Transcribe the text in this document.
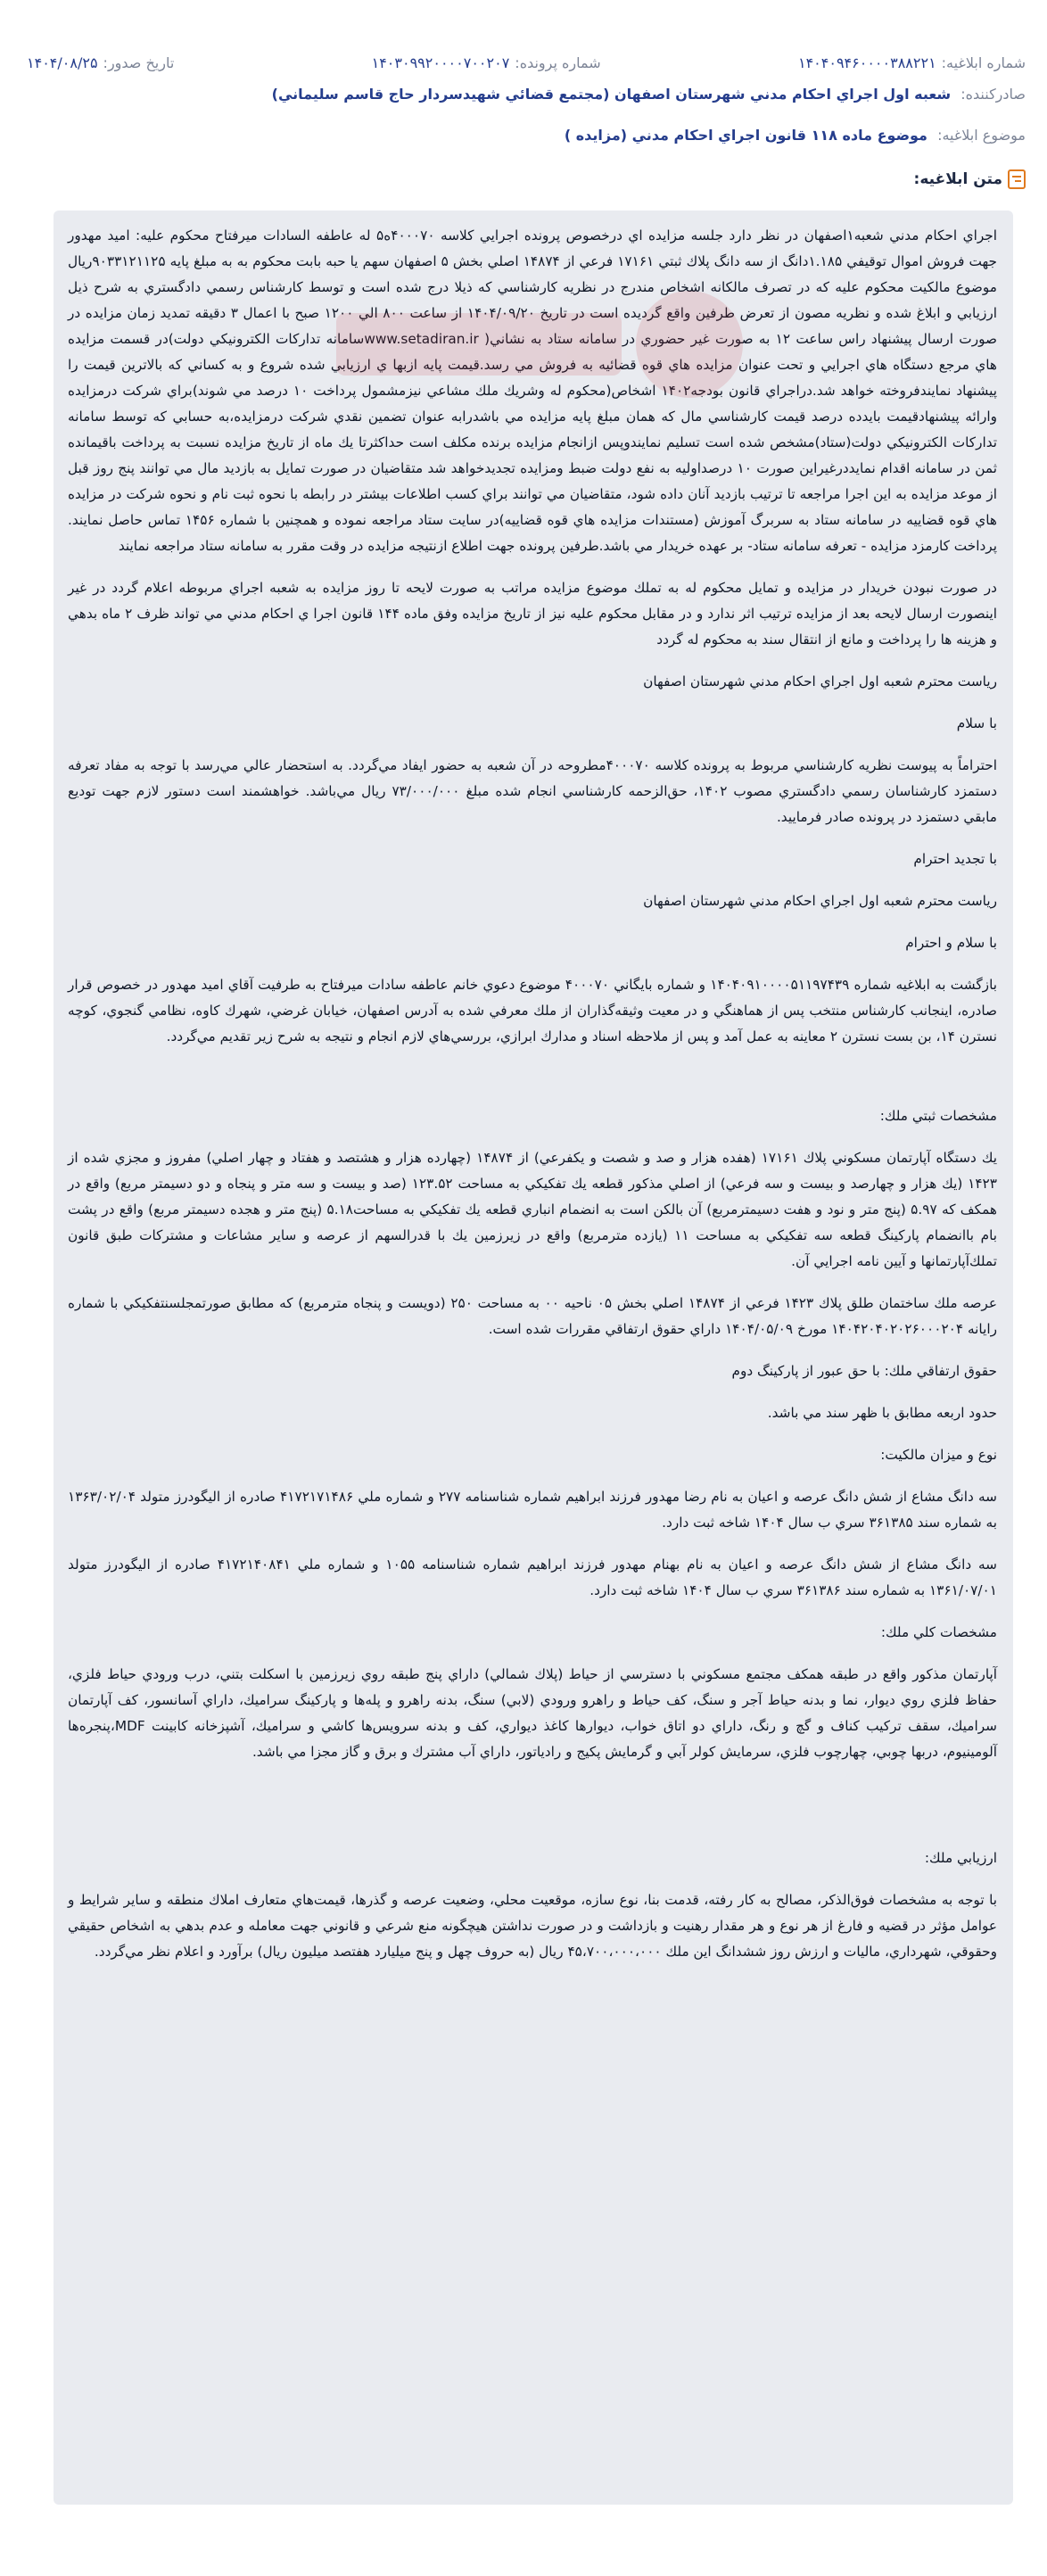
شماره ابلاغیه:
۱۴۰۴۰۹۴۶۰۰۰۰۳۸۸۲۲۱
شماره پرونده:
۱۴۰۳۰۹۹۲۰۰۰۰۷۰۰۲۰۷
تاریخ صدور:
۱۴۰۴/۰۸/۲۵
صادرکننده: شعبه اول اجراي احكام مدني شهرستان اصفهان (مجتمع قضائي شهيدسردار حاج قاسم سليماني)
موضوع ابلاغیه: موضوع ماده ۱۱۸ قانون اجراي احكام مدني (مزايده )
متن ابلاغیه:

اجراي احكام مدني شعبه۱اصفهان در نظر دارد جلسه مزايده اي درخصوص پرونده اجرايي كلاسه ۴۰۰۰۷۰ه۵ له عاطفه السادات ميرفتاح محكوم عليه: اميد مهدور جهت فروش اموال توقيفي ۱.۱۸۵دانگ از سه دانگ پلاك ثبتي ۱۷۱۶۱ فرعي از ۱۴۸۷۴ اصلي بخش ۵ اصفهان سهم يا حبه بابت محكوم به به مبلغ پايه ۹۰۳۳۱۲۱۱۲۵ريال موضوع مالكيت محكوم عليه كه در تصرف مالكانه اشخاص مندرج در نظريه كارشناسي كه ذيلا درج شده است و توسط كارشناس رسمي دادگستري به شرح ذيل ارزيابي و ابلاغ شده و نظريه مصون از تعرض طرفين واقع گرديده است در تاريخ ۱۴۰۴/۰۹/۲۰ از ساعت ۸۰۰ الي ۱۲۰۰ صبح با اعمال ۳ دقيقه تمديد زمان مزايده در صورت ارسال پيشنهاد راس ساعت ۱۲ به صورت غير حضوري در سامانه ستاد به نشاني( www.setadiran.irسامانه تداركات الكترونيكي دولت)در قسمت مزايده هاي مرجع دستگاه هاي اجرايي و تحت عنوان مزايده هاي قوه قضائيه به فروش مي رسد.قيمت پايه ازبها ي ارزيابي شده شروع و به كساني كه بالاترين قيمت را پيشنهاد نمايندفروخته خواهد شد.دراجراي قانون بودجه۱۴۰۲ اشخاص(محكوم له وشريك ملك مشاعي نيزمشمول پرداخت ۱۰ درصد مي شوند)براي شركت درمزايده وارائه پيشنهادقيمت بايدده درصد قيمت كارشناسي مال كه همان مبلغ پايه مزايده مي باشدرابه عنوان تضمين نقدي شركت درمزايده،به حسابي كه توسط سامانه تداركات الكترونيكي دولت(ستاد)مشخص شده است تسليم نمايندوپس ازانجام مزايده برنده مكلف است حداكثرتا يك ماه از تاريخ مزايده نسبت به پرداخت باقيمانده ثمن در سامانه اقدام نمايددرغيراين صورت ۱۰ درصداوليه به نفع دولت ضبط ومزايده تجديدخواهد شد متقاضيان در صورت تمايل به بازديد مال مي توانند پنج روز قبل از موعد مزايده به اين اجرا مراجعه تا ترتيب بازديد آنان داده شود، متقاضيان مي توانند براي كسب اطلاعات بيشتر در رابطه با نحوه ثبت نام و نحوه شركت در مزايده هاي قوه قضاييه در سامانه ستاد به سربرگ آموزش (مستندات مزايده هاي قوه قضاييه)در سايت ستاد مراجعه نموده و همچنين با شماره ۱۴۵۶ تماس حاصل نمايند. پرداخت كارمزد مزايده - تعرفه سامانه ستاد- بر عهده خريدار مي باشد.طرفين پرونده جهت اطلاع ازنتيجه مزايده در وقت مقرر به سامانه ستاد مراجعه نمايند

در صورت نبودن خريدار در مزايده و تمايل محكوم له به تملك موضوع مزايده مراتب به صورت لايحه تا روز مزايده به شعبه اجراي مربوطه اعلام گردد در غير اينصورت ارسال لايحه بعد از مزايده ترتيب اثر ندارد و در مقابل محكوم عليه نيز از تاريخ مزايده وفق ماده ۱۴۴ قانون اجرا ي احكام مدني مي تواند ظرف ۲ ماه بدهي و هزينه ها را پرداخت و مانع از انتقال سند به محكوم له گردد

رياست محترم شعبه اول اجراي احكام مدني شهرستان اصفهان

با سلام

احتراماً به پيوست نظريه كارشناسي مربوط به پرونده كلاسه ۴۰۰۰۷۰مطروحه در آن شعبه به حضور ايفاد مي‌گردد. به استحضار عالي مي‌رسد با توجه به مفاد تعرفه دستمزد كارشناسان رسمي دادگستري مصوب ۱۴۰۲، حق‌الزحمه كارشناسي انجام شده مبلغ ۷۳/۰۰۰/۰۰۰ ريال مي‌باشد. خواهشمند است دستور لازم جهت توديع مابقي دستمزد در پرونده صادر فرماييد.

با تجديد احترام

رياست محترم شعبه اول اجراي احكام مدني شهرستان اصفهان

با سلام و احترام

بازگشت به ابلاغيه شماره ۱۴۰۴۰۹۱۰۰۰۰۵۱۱۹۷۴۳۹ و شماره بايگاني ۴۰۰۰۷۰ موضوع دعوي خانم عاطفه سادات ميرفتاح به طرفيت آقاي اميد مهدور در خصوص قرار صادره، اينجانب كارشناس منتخب پس از هماهنگي و در معيت وثيقه‌گذاران از ملك معرفي شده به آدرس اصفهان، خيابان غرضي، شهرك كاوه، نظامي گنجوي، كوچه نسترن ۱۴، بن بست نسترن ۲ معاينه به عمل آمد و پس از ملاحظه اسناد و مدارك ابرازي، بررسي‌هاي لازم انجام و نتيجه به شرح زير تقديم مي‌گردد.

مشخصات ثبتي ملك:

يك دستگاه آپارتمان مسكوني پلاك ۱۷۱۶۱ (هفده هزار و صد و شصت و يكفرعي) از ۱۴۸۷۴ (چهارده هزار و هشتصد و هفتاد و چهار اصلي) مفروز و مجزي شده از ۱۴۲۳ (يك هزار و چهارصد و بيست و سه فرعي) از اصلي مذكور قطعه يك تفكيكي به مساحت ۱۲۳.۵۲ (صد و بيست و سه متر و پنجاه و دو دسيمتر مربع) واقع در همكف كه ۵.۹۷ (پنج متر و نود و هفت دسيمترمربع) آن بالكن است به انضمام انباري قطعه يك تفكيكي به مساحت۵.۱۸ (پنج متر و هجده دسيمتر مربع) واقع در پشت بام باانضمام پاركينگ قطعه سه تفكيكي به مساحت ۱۱ (يازده مترمربع) واقع در زيرزمين يك با قدرالسهم از عرصه و ساير مشاعات و مشتركات طبق قانون تملك‌آپارتمانها و آيين نامه اجرايي آن.

عرصه ملك ساختمان طلق پلاك ۱۴۲۳ فرعي از ۱۴۸۷۴ اصلي بخش ۰۵ ناحيه ۰۰ به مساحت ۲۵۰ (دويست و پنجاه مترمربع) كه مطابق صورتمجلسنتفكيكي با شماره رايانه ۱۴۰۴۲۰۴۰۲۰۲۶۰۰۰۲۰۴ مورخ ۱۴۰۴/۰۵/۰۹ داراي حقوق ارتفاقي مقررات شده است.

حقوق ارتفاقي ملك: با حق عبور از پاركينگ دوم

حدود اربعه مطابق با ظهر سند مي باشد.

نوع و ميزان مالكيت:

سه دانگ مشاع از شش دانگ عرصه و اعيان به نام رضا مهدور فرزند ابراهيم شماره شناسنامه ۲۷۷ و شماره ملي ۴۱۷۲۱۷۱۴۸۶ صادره از اليگودرز متولد ۱۳۶۳/۰۲/۰۴ به شماره سند ۳۶۱۳۸۵ سري ب سال ۱۴۰۴ شاخه ثبت دارد.

سه دانگ مشاع از شش دانگ عرصه و اعيان به نام بهنام مهدور فرزند ابراهيم شماره شناسنامه ۱۰۵۵ و شماره ملي ۴۱۷۲۱۴۰۸۴۱ صادره از اليگودرز متولد ۱۳۶۱/۰۷/۰۱ به شماره سند ۳۶۱۳۸۶ سري ب سال ۱۴۰۴ شاخه ثبت دارد.

مشخصات كلي ملك:

آپارتمان مذكور واقع در طبقه همكف مجتمع مسكوني با دسترسي از حياط (پلاك شمالي) داراي پنج طبقه روي زيرزمين با اسكلت بتني، درب ورودي حياط فلزي، حفاظ فلزي روي ديوار، نما و بدنه حياط آجر و سنگ، كف حياط و راهرو ورودي (لابي) سنگ، بدنه راهرو و پله‌ها و پاركينگ سراميك، داراي آسانسور، كف آپارتمان سراميك، سقف تركيب كناف و گچ و رنگ، داراي دو اتاق خواب، ديوارها كاغذ ديواري، كف و بدنه سرويس‌ها كاشي و سراميك، آشپزخانه كابينت MDF،پنجره‌ها آلومينيوم، دربها چوبي، چهارچوب فلزي، سرمايش كولر آبي و گرمايش پكيج و رادياتور، داراي آب مشترك و برق و گاز مجزا مي باشد.

ارزيابي ملك:

با توجه به مشخصات فوق‌الذكر، مصالح به كار رفته، قدمت بنا، نوع سازه، موقعيت محلي، وضعيت عرصه و گذرها، قيمت‌هاي متعارف املاك منطقه و ساير شرايط و عوامل مؤثر در قضيه و فارغ از هر نوع و هر مقدار رهنيت و بازداشت و در صورت نداشتن هيچگونه منع شرعي و قانوني جهت معامله و عدم بدهي به اشخاص حقيقي وحقوقي، شهرداري، ماليات و ارزش روز ششدانگ اين ملك ۴۵،۷۰۰،۰۰۰،۰۰۰ ريال (به حروف چهل و پنج ميليارد هفتصد ميليون ريال) برآورد و اعلام نظر مي‌گردد.
